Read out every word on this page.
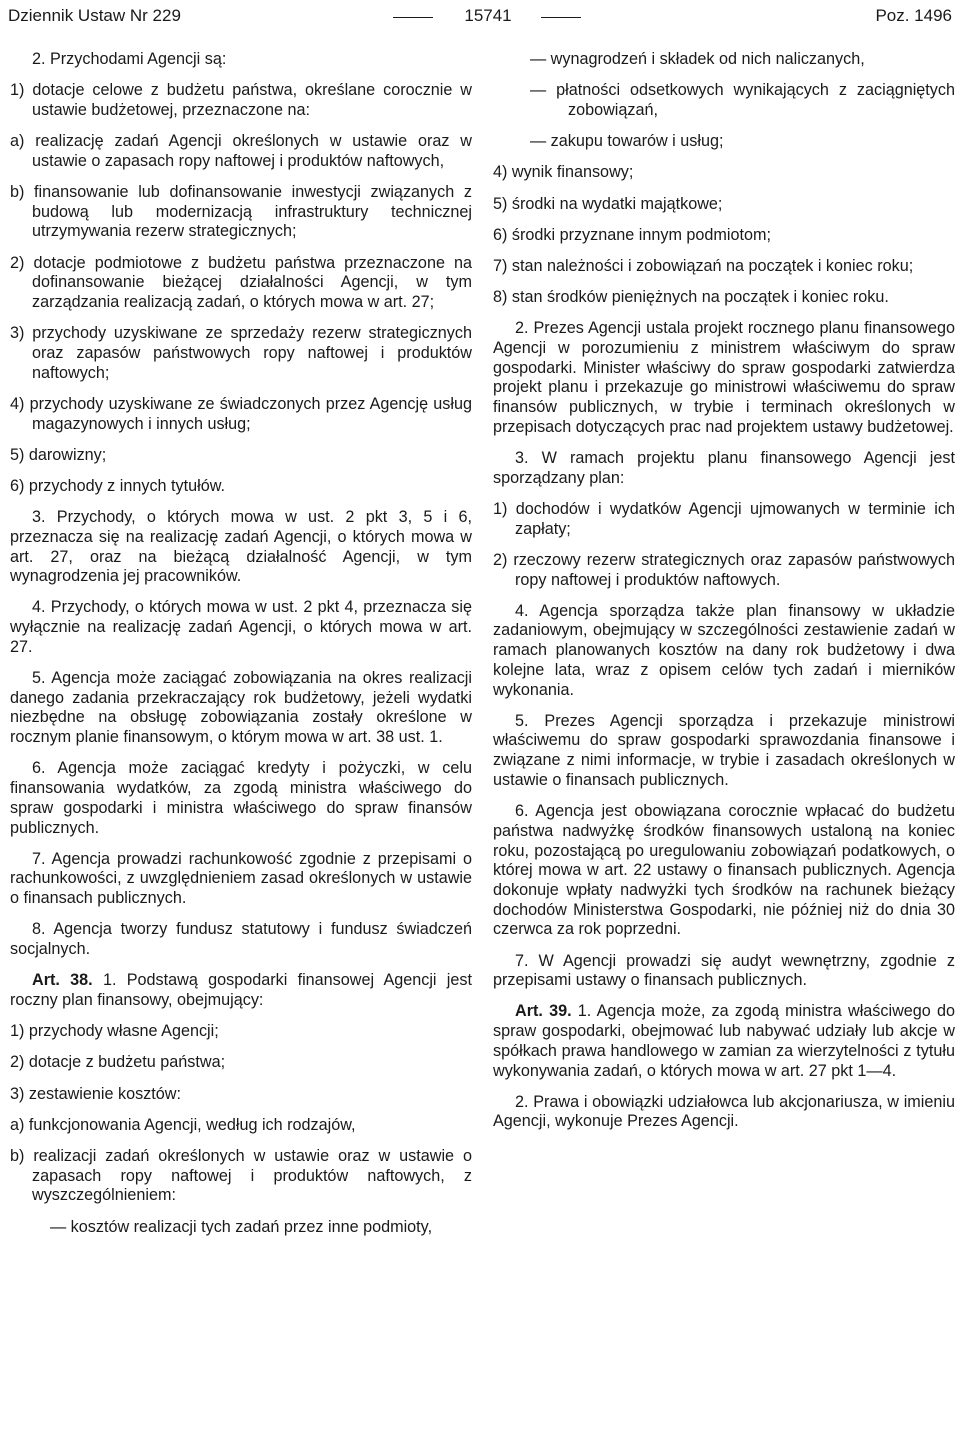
Dziennik Ustaw Nr 229	15741	Poz. 1496

2. Przychodami Agencji są:

1) dotacje celowe z budżetu państwa, określane corocznie w ustawie budżetowej, przeznaczone na:

a) realizację zadań Agencji określonych w ustawie oraz w ustawie o zapasach ropy naftowej i produktów naftowych,

b) finansowanie lub dofinansowanie inwestycji związanych z budową lub modernizacją infrastruktury technicznej utrzymywania rezerw strategicznych;

2) dotacje podmiotowe z budżetu państwa przeznaczone na dofinansowanie bieżącej działalności Agencji, w tym zarządzania realizacją zadań, o których mowa w art. 27;

3) przychody uzyskiwane ze sprzedaży rezerw strategicznych oraz zapasów państwowych ropy naftowej i produktów naftowych;

4) przychody uzyskiwane ze świadczonych przez Agencję usług magazynowych i innych usług;

5) darowizny;

6) przychody z innych tytułów.

3. Przychody, o których mowa w ust. 2 pkt 3, 5 i 6, przeznacza się na realizację zadań Agencji, o których mowa w art. 27, oraz na bieżącą działalność Agencji, w tym wynagrodzenia jej pracowników.

4. Przychody, o których mowa w ust. 2 pkt 4, przeznacza się wyłącznie na realizację zadań Agencji, o których mowa w art. 27.

5. Agencja może zaciągać zobowiązania na okres realizacji danego zadania przekraczający rok budżetowy, jeżeli wydatki niezbędne na obsługę zobowiązania zostały określone w rocznym planie finansowym, o którym mowa w art. 38 ust. 1.

6. Agencja może zaciągać kredyty i pożyczki, w celu finansowania wydatków, za zgodą ministra właściwego do spraw gospodarki i ministra właściwego do spraw finansów publicznych.

7. Agencja prowadzi rachunkowość zgodnie z przepisami o rachunkowości, z uwzględnieniem zasad określonych w ustawie o finansach publicznych.

8. Agencja tworzy fundusz statutowy i fundusz świadczeń socjalnych.

Art. 38. 1. Podstawą gospodarki finansowej Agencji jest roczny plan finansowy, obejmujący:

1) przychody własne Agencji;

2) dotacje z budżetu państwa;

3) zestawienie kosztów:

a) funkcjonowania Agencji, według ich rodzajów,

b) realizacji zadań określonych w ustawie oraz w ustawie o zapasach ropy naftowej i produktów naftowych, z wyszczególnieniem:

— kosztów realizacji tych zadań przez inne podmioty,

— wynagrodzeń i składek od nich naliczanych,

— płatności odsetkowych wynikających z zaciągniętych zobowiązań,

— zakupu towarów i usług;

4) wynik finansowy;

5) środki na wydatki majątkowe;

6) środki przyznane innym podmiotom;

7) stan należności i zobowiązań na początek i koniec roku;

8) stan środków pieniężnych na początek i koniec roku.

2. Prezes Agencji ustala projekt rocznego planu finansowego Agencji w porozumieniu z ministrem właściwym do spraw gospodarki. Minister właściwy do spraw gospodarki zatwierdza projekt planu i przekazuje go ministrowi właściwemu do spraw finansów publicznych, w trybie i terminach określonych w przepisach dotyczących prac nad projektem ustawy budżetowej.

3. W ramach projektu planu finansowego Agencji jest sporządzany plan:

1) dochodów i wydatków Agencji ujmowanych w terminie ich zapłaty;

2) rzeczowy rezerw strategicznych oraz zapasów państwowych ropy naftowej i produktów naftowych.

4. Agencja sporządza także plan finansowy w układzie zadaniowym, obejmujący w szczególności zestawienie zadań w ramach planowanych kosztów na dany rok budżetowy i dwa kolejne lata, wraz z opisem celów tych zadań i mierników wykonania.

5. Prezes Agencji sporządza i przekazuje ministrowi właściwemu do spraw gospodarki sprawozdania finansowe i związane z nimi informacje, w trybie i zasadach określonych w ustawie o finansach publicznych.

6. Agencja jest obowiązana corocznie wpłacać do budżetu państwa nadwyżkę środków finansowych ustaloną na koniec roku, pozostającą po uregulowaniu zobowiązań podatkowych, o której mowa w art. 22 ustawy o finansach publicznych. Agencja dokonuje wpłaty nadwyżki tych środków na rachunek bieżący dochodów Ministerstwa Gospodarki, nie później niż do dnia 30 czerwca za rok poprzedni.

7. W Agencji prowadzi się audyt wewnętrzny, zgodnie z przepisami ustawy o finansach publicznych.

Art. 39. 1. Agencja może, za zgodą ministra właściwego do spraw gospodarki, obejmować lub nabywać udziały lub akcje w spółkach prawa handlowego w zamian za wierzytelności z tytułu wykonywania zadań, o których mowa w art. 27 pkt 1—4.

2. Prawa i obowiązki udziałowca lub akcjonariusza, w imieniu Agencji, wykonuje Prezes Agencji.
